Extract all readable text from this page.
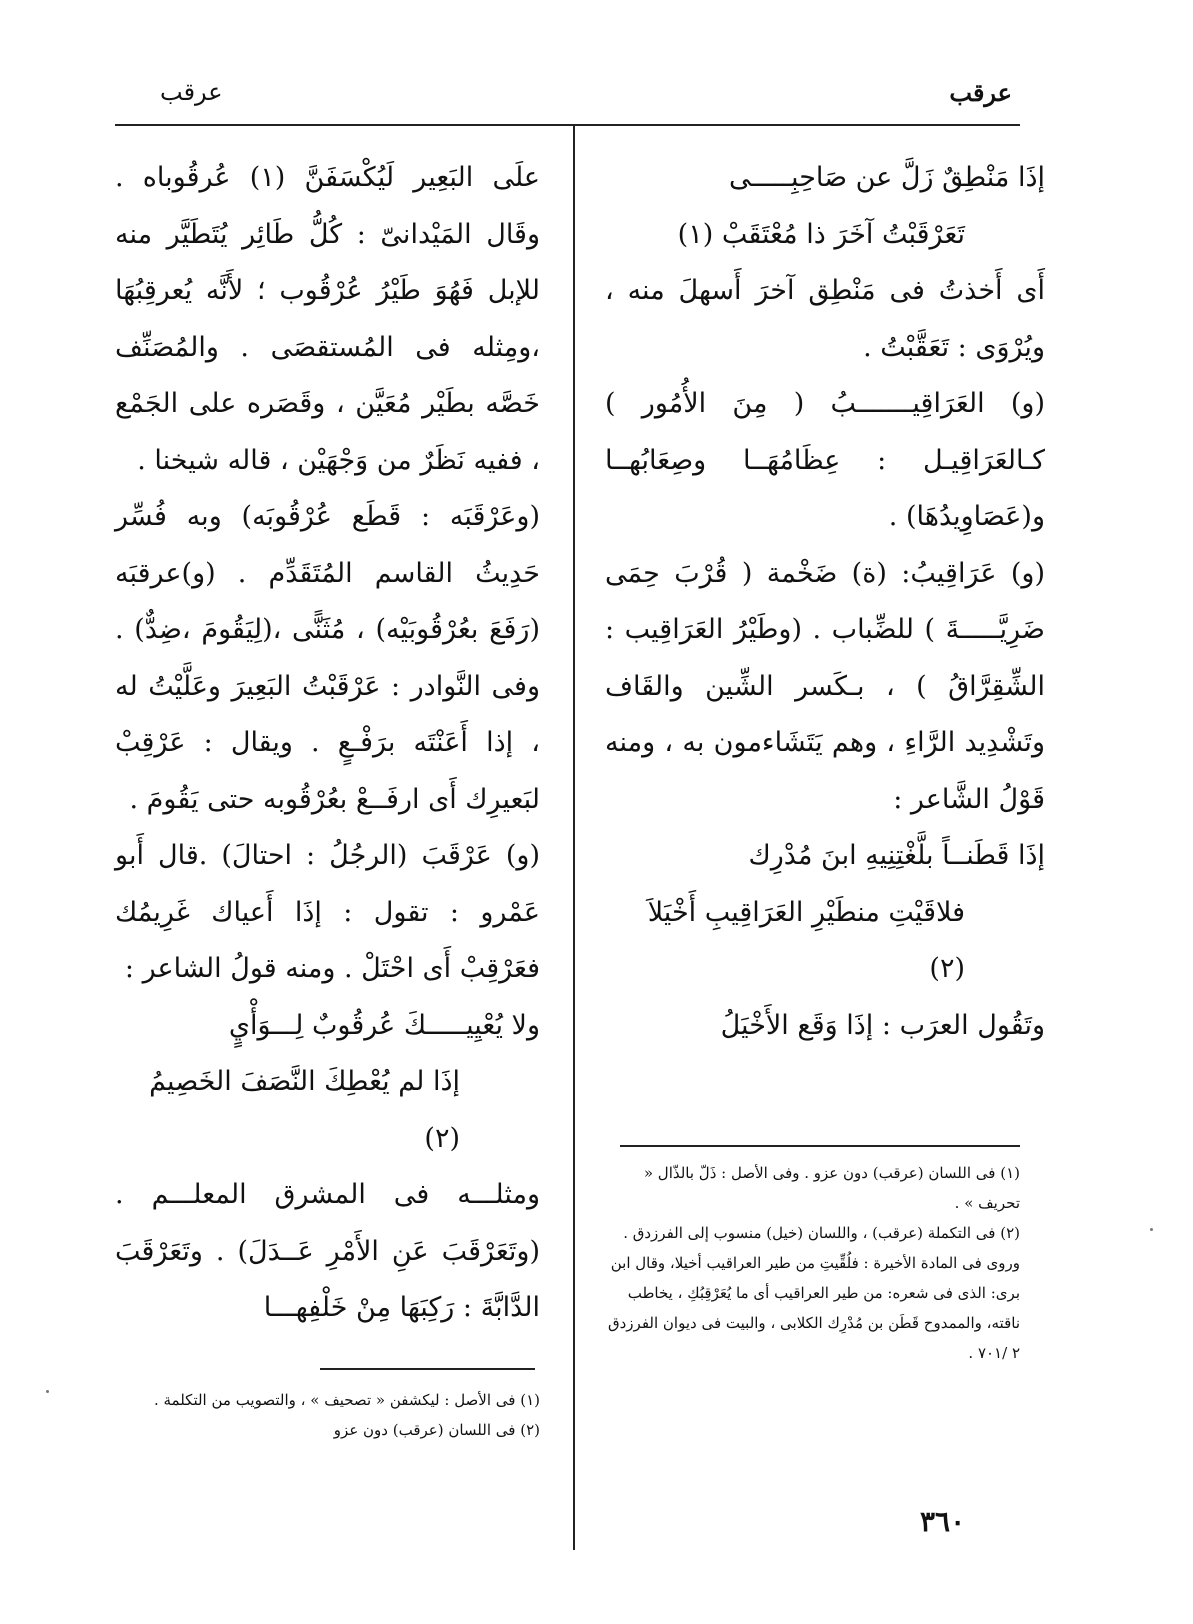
عرقب
عرقب

إذَا مَنْطِقٌ زَلَّ عن صَاحِبِـــــى

تَعَرْقَبْتُ آخَرَ ذا مُعْتَقَبْ (١)

أَى أَخذتُ فى مَنْطِق آخرَ أَسهلَ منه ، ويُرْوَى : تَعَقَّبْتُ .

(و) العَرَاقِيـــــــبُ ( مِنَ الأُمُور ) كـالعَرَاقِيـل : عِظَامُهَــا وصِعَابُهــا و(عَصَاوِيدُهَا) .

(و) عَرَاقِيبُ: (ة) ضَخْمة ( قُرْبَ حِمَى ضَرِيَّـــــةَ ) للضِّباب . (وطَيْرُ العَرَاقِيب : الشِّقِرَّاقُ ) ، بـكَسر الشِّين والقَاف وتَشْدِيد الرَّاءِ ، وهم يَتَشَاءمون به ، ومنه قَوْلُ الشَّاعر :

إذَا قَطَنــاً بلَّغْتِنِيهِ ابنَ مُدْرِك

فلاقَيْتِ منطَيْرِ العَرَاقِيبِ أَخْيَلاَ (٢)

وتَقُول العرَب : إذَا وَقَع الأَخْيَلُ

(١) فى اللسان (عرقب) دون عزو . وفى الأصل : ذَلّ بالذّال « تحريف » .

(٢) فى التكملة (عرقب) ، واللسان (خيل) منسوب إلى الفرزدق . وروى فى المادة الأخيرة : فلُقِّيتِ من طير العراقيب أخيلا، وقال ابن برى: الذى فى شعره: من طير العراقيب أى ما يُعَرْقِبُكِ ، يخاطب ناقته، والممدوح قَطَن بن مُدْرِك الكلابى ، والبيت فى ديوان الفرزدق ٢ /٧٠١ .

علَى البَعِير لَيُكْسَفَنَّ (١) عُرقُوباه . وقَال المَيْدانىّ : كُلُّ طَائِر يُتَطَيَّر منه للإبل فَهُوَ طَيْرُ عُرْقُوب ؛ لأَنَّه يُعرقِبُهَا ،ومِثله فى المُستقصَى . والمُصَنِّف خَصَّه بطَيْر مُعَيَّن ، وقَصَره على الجَمْع ، ففيه نَظَرٌ من وَجْهَيْن ، قاله شيخنا .

(وعَرْقَبَه : قَطَع عُرْقُوبَه) وبه فُسِّر حَدِيثُ القاسم المُتَقَدِّم . (و)عرقبَه (رَفَعَ بعُرْقُوبَيْه) ، مُثَنًّى ،(لِيَقُومَ ،ضِدٌّ) . وفى النَّوادر : عَرْقَبْتُ البَعِيرَ وعَلَّيْتُ له ، إذا أَعَنْتَه برَفْـعٍ . ويقال : عَرْقِبْ لبَعيرِك أَى ارفَــعْ بعُرْقُوبه حتى يَقُومَ .

(و) عَرْقَبَ (الرجُلُ : احتالَ) .قال أَبو عَمْرو : تقول : إذَا أَعياك غَرِيمُك فعَرْقِبْ أَى احْتَلْ . ومنه قولُ الشاعر :

ولا يُعْيِيـــــكَ عُرقُوبٌ لِـــوَأْيٍ

إذَا لم يُعْطِكَ النَّصَفَ الخَصِيمُ (٢)

ومثلـــه فى المشرق المعلـــم . (وتَعَرْقَبَ عَنِ الأَمْرِ عَــدَلَ) . وتَعَرْقَبَ الدَّابَّةَ : رَكِبَهَا مِنْ خَلْفِهـــا

(١) فى الأصل : ليكشفن « تصحيف » ، والتصويب من التكلمة .

(٢) فى اللسان (عرقب) دون عزو

٣٦٠
